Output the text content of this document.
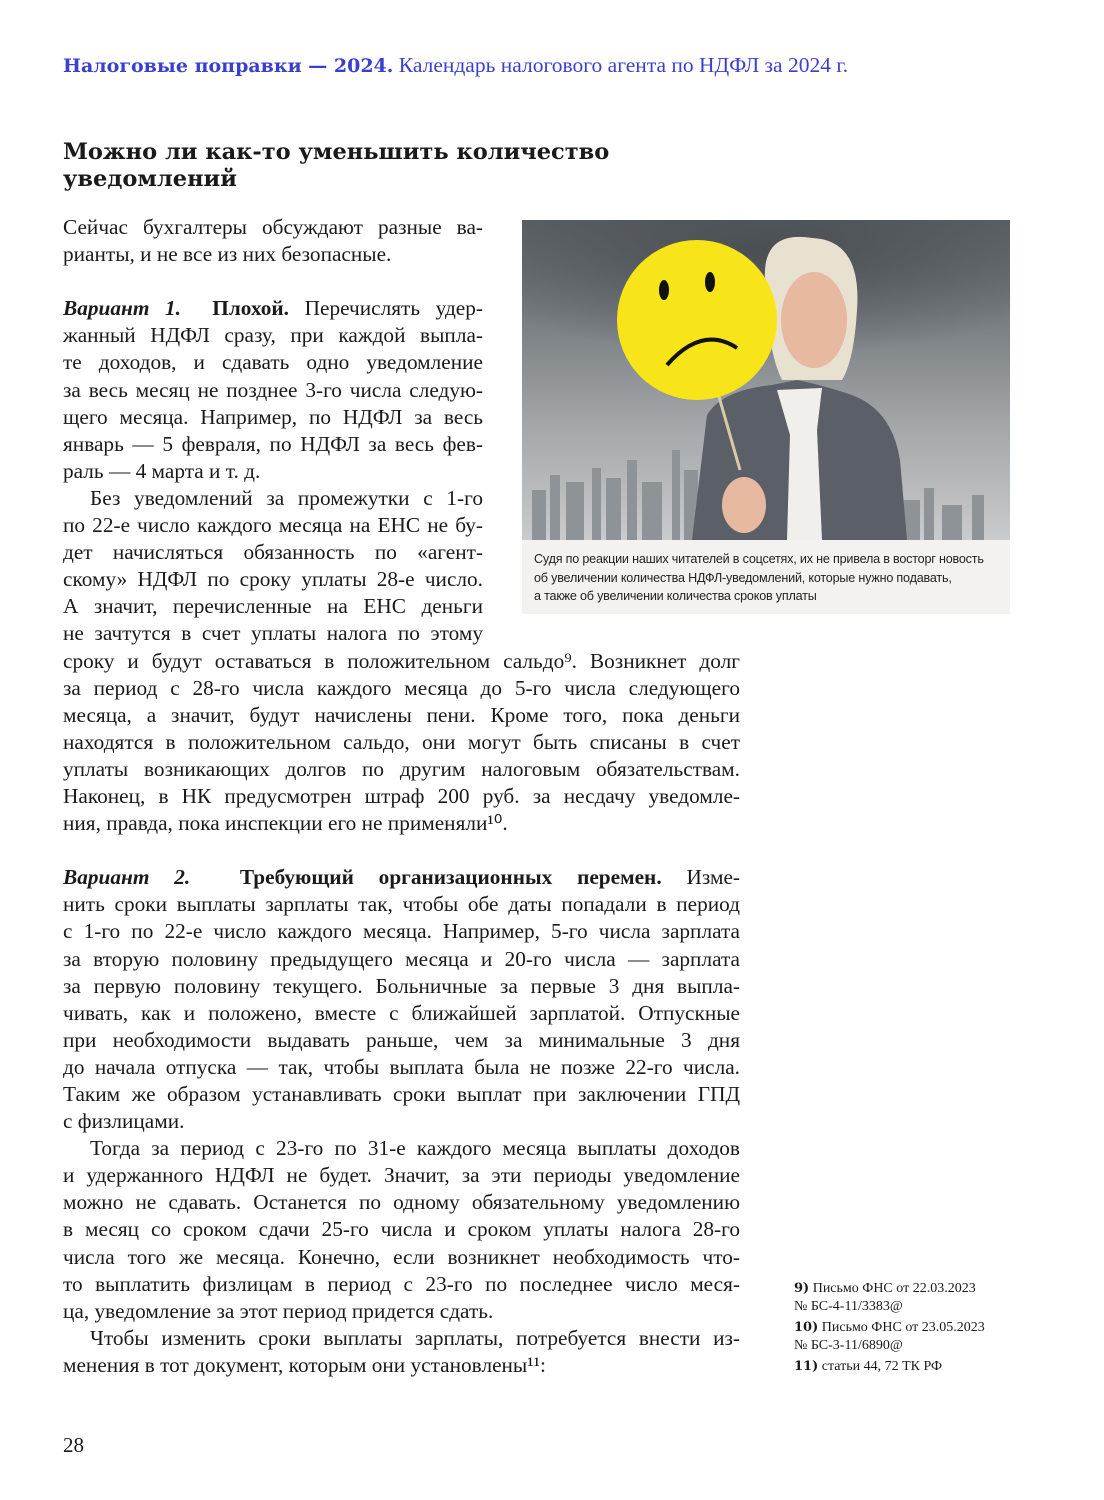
Налоговые поправки — 2024. Календарь налогового агента по НДФЛ за 2024 г.
Можно ли как-то уменьшить количество уведомлений
Сейчас бухгалтеры обсуждают разные ва-
рианты, и не все из них безопасные.
Вариант 1. Плохой. Перечислять удер-
жанный НДФЛ сразу, при каждой выпла-
те доходов, и сдавать одно уведомление
за весь месяц не позднее 3-го числа следую-
щего месяца. Например, по НДФЛ за весь
январь — 5 февраля, по НДФЛ за весь фев-
раль — 4 марта и т. д.
Без уведомлений за промежутки с 1-го
по 22-е число каждого месяца на ЕНС не бу-
дет начисляться обязанность по «агент-
скому» НДФЛ по сроку уплаты 28-е число.
А значит, перечисленные на ЕНС деньги
не зачтутся в счет уплаты налога по этому
сроку и будут оставаться в положительном сальдо⁹. Возникнет долг
за период с 28-го числа каждого месяца до 5-го числа следующего
месяца, а значит, будут начислены пени. Кроме того, пока деньги
находятся в положительном сальдо, они могут быть списаны в счет
уплаты возникающих долгов по другим налоговым обязательствам.
Наконец, в НК предусмотрен штраф 200 руб. за несдачу уведомле-
ния, правда, пока инспекции его не применяли¹⁰.
Вариант 2. Требующий организационных перемен. Изме-
нить сроки выплаты зарплаты так, чтобы обе даты попадали в период
с 1-го по 22-е число каждого месяца. Например, 5-го числа зарплата
за вторую половину предыдущего месяца и 20-го числа — зарплата
за первую половину текущего. Больничные за первые 3 дня выпла-
чивать, как и положено, вместе с ближайшей зарплатой. Отпускные
при необходимости выдавать раньше, чем за минимальные 3 дня
до начала отпуска — так, чтобы выплата была не позже 22-го числа.
Таким же образом устанавливать сроки выплат при заключении ГПД
с физлицами.
Тогда за период с 23-го по 31-е каждого месяца выплаты доходов
и удержанного НДФЛ не будет. Значит, за эти периоды уведомление
можно не сдавать. Останется по одному обязательному уведомлению
в месяц со сроком сдачи 25-го числа и сроком уплаты налога 28-го
числа того же месяца. Конечно, если возникнет необходимость что-
то выплатить физлицам в период с 23-го по последнее число меся-
ца, уведомление за этот период придется сдать.
Чтобы изменить сроки выплаты зарплаты, потребуется внести из-
менения в тот документ, которым они установлены¹¹:
Судя по реакции наших читателей в соцсетях, их не привела в восторг новость
об увеличении количества НДФЛ-уведомлений, которые нужно подавать,
а также об увеличении количества сроков уплаты
9) Письмо ФНС от 22.03.2023
№ БС-4-11/3383@
10) Письмо ФНС от 23.05.2023
№ БС-3-11/6890@
11) статьи 44, 72 ТК РФ
28
